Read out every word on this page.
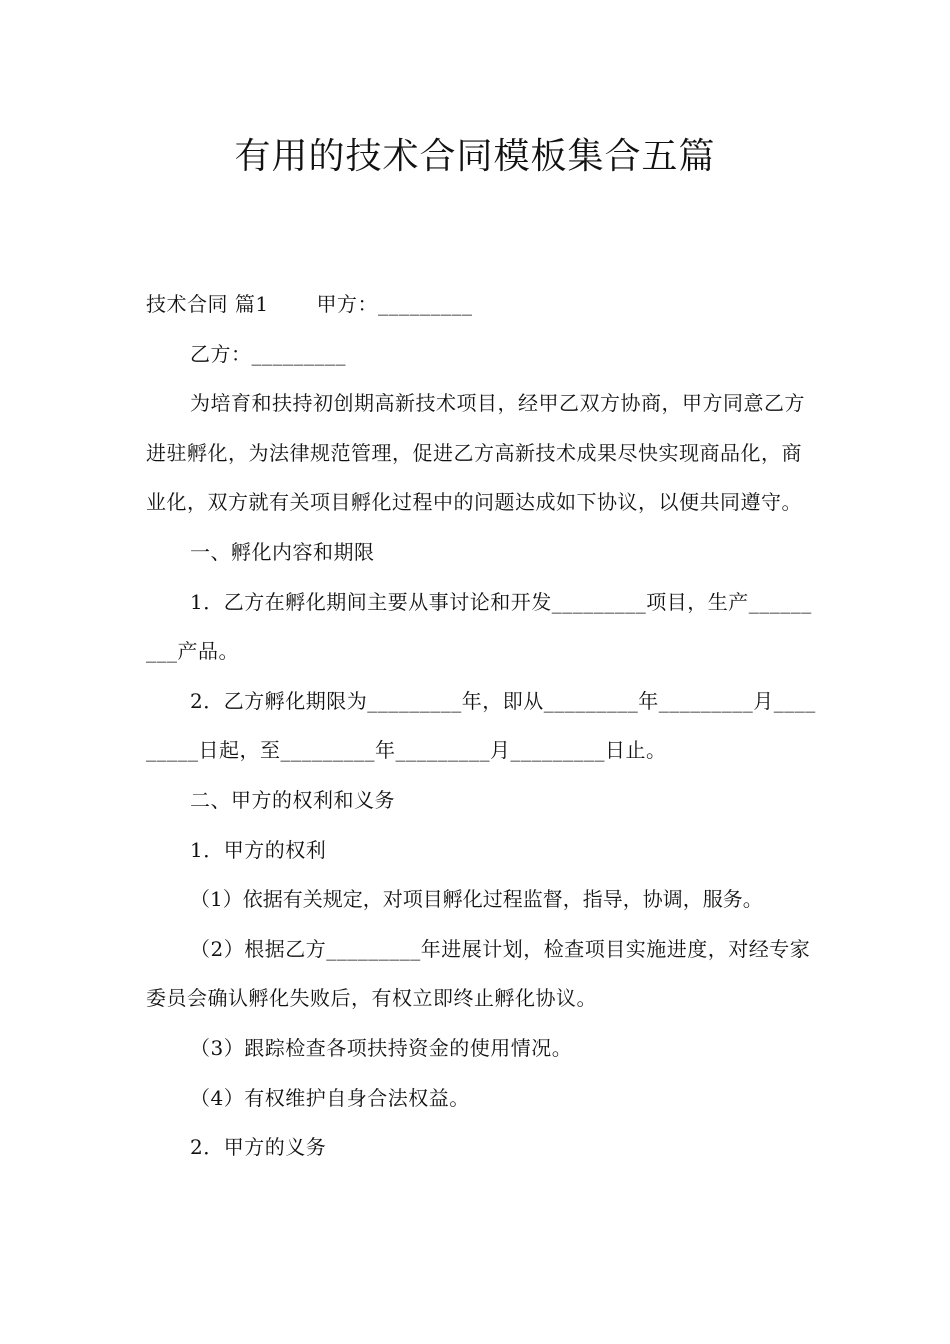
有用的技术合同模板集合五篇

技术合同 篇1　　 甲方：_________

乙方：_________

为培育和扶持初创期高新技术项目，经甲乙双方协商，甲方同意乙方进驻孵化，为法律规范管理，促进乙方高新技术成果尽快实现商品化，商业化，双方就有关项目孵化过程中的问题达成如下协议，以便共同遵守。

一、孵化内容和期限

1．乙方在孵化期间主要从事讨论和开发_________项目，生产_________产品。

2．乙方孵化期限为_________年，即从_________年_________月_________日起，至_________年_________月_________日止。

二、甲方的权利和义务

1．甲方的权利

（1）依据有关规定，对项目孵化过程监督，指导，协调，服务。

（2）根据乙方_________年进展计划，检查项目实施进度，对经专家委员会确认孵化失败后，有权立即终止孵化协议。

（3）跟踪检查各项扶持资金的使用情况。

（4）有权维护自身合法权益。

2．甲方的义务
